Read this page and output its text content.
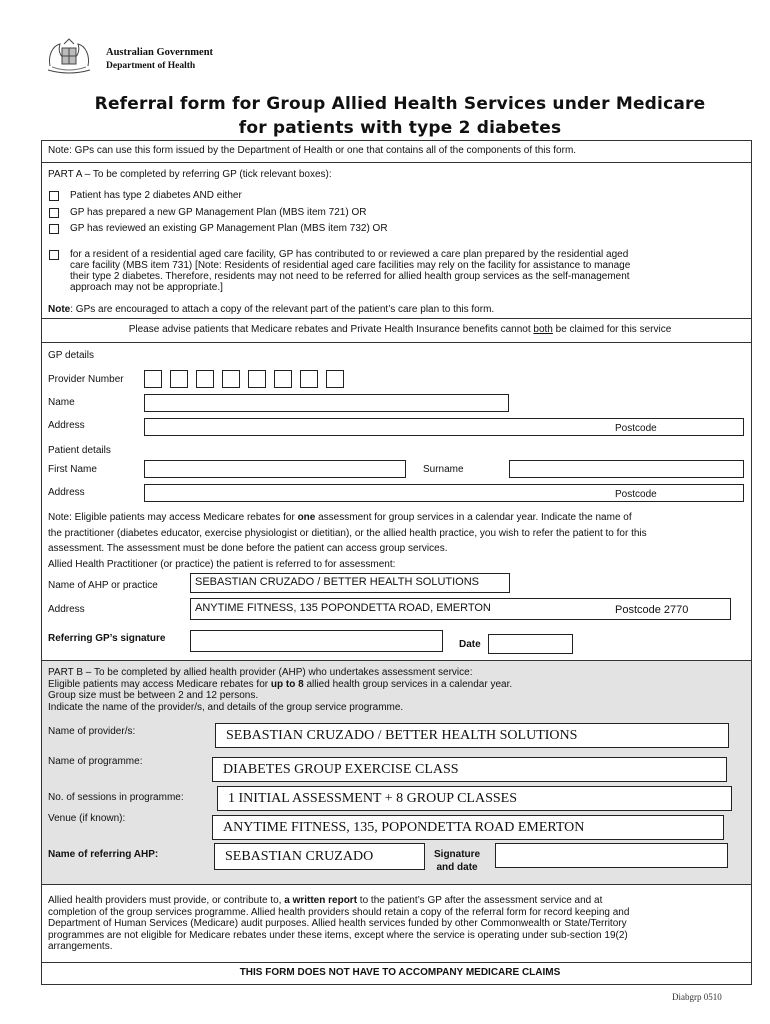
Australian Government
Department of Health
Referral form for Group Allied Health Services under Medicare
for patients with type 2 diabetes
Note: GPs can use this form issued by the Department of Health or one that contains all of the components of this form.
PART A – To be completed by referring GP (tick relevant boxes):
Patient has type 2 diabetes AND either
GP has prepared a new GP Management Plan (MBS item 721) OR
GP has reviewed an existing GP Management Plan (MBS item 732) OR
for a resident of a residential aged care facility, GP has contributed to or reviewed a care plan prepared by the residential aged
care facility (MBS item 731) [Note: Residents of residential aged care facilities may rely on the facility for assistance to manage
their type 2 diabetes. Therefore, residents may not need to be referred for allied health group services as the self-management
approach may not be appropriate.]
Note: GPs are encouraged to attach a copy of the relevant part of the patient’s care plan to this form.
Please advise patients that Medicare rebates and Private Health Insurance benefits cannot both be claimed for this service
GP details
Provider Number
Name
Address	Postcode
Patient details
First Name	Surname
Address	Postcode
Note: Eligible patients may access Medicare rebates for one assessment for group services in a calendar year. Indicate the name of
the practitioner (diabetes educator, exercise physiologist or dietitian), or the allied health practice, you wish to refer the patient to for this
assessment. The assessment must be done before the patient can access group services.
Allied Health Practitioner (or practice) the patient is referred to for assessment:
Name of AHP or practice	SEBASTIAN CRUZADO / BETTER HEALTH SOLUTIONS
Address	ANYTIME FITNESS, 135 POPONDETTA ROAD, EMERTON	Postcode 2770
Referring GP’s signature
Date
PART B – To be completed by allied health provider (AHP) who undertakes assessment service:
Eligible patients may access Medicare rebates for up to 8 allied health group services in a calendar year.
Group size must be between 2 and 12 persons.
Indicate the name of the provider/s, and details of the group service programme.
Name of provider/s:	SEBASTIAN CRUZADO / BETTER HEALTH SOLUTIONS
Name of programme:
DIABETES GROUP EXERCISE CLASS
No. of sessions in programme:	1 INITIAL ASSESSMENT + 8 GROUP CLASSES
Venue (if known):
ANYTIME FITNESS, 135, POPONDETTA ROAD EMERTON
Name of referring AHP:	SEBASTIAN CRUZADO	Signature
and date
Allied health providers must provide, or contribute to, a written report to the patient’s GP after the assessment service and at
completion of the group services programme. Allied health providers should retain a copy of the referral form for record keeping and
Department of Human Services (Medicare) audit purposes. Allied health services funded by other Commonwealth or State/Territory
programmes are not eligible for Medicare rebates under these items, except where the service is operating under sub-section 19(2)
arrangements.
THIS FORM DOES NOT HAVE TO ACCOMPANY MEDICARE CLAIMS
Diabgrp 0510
